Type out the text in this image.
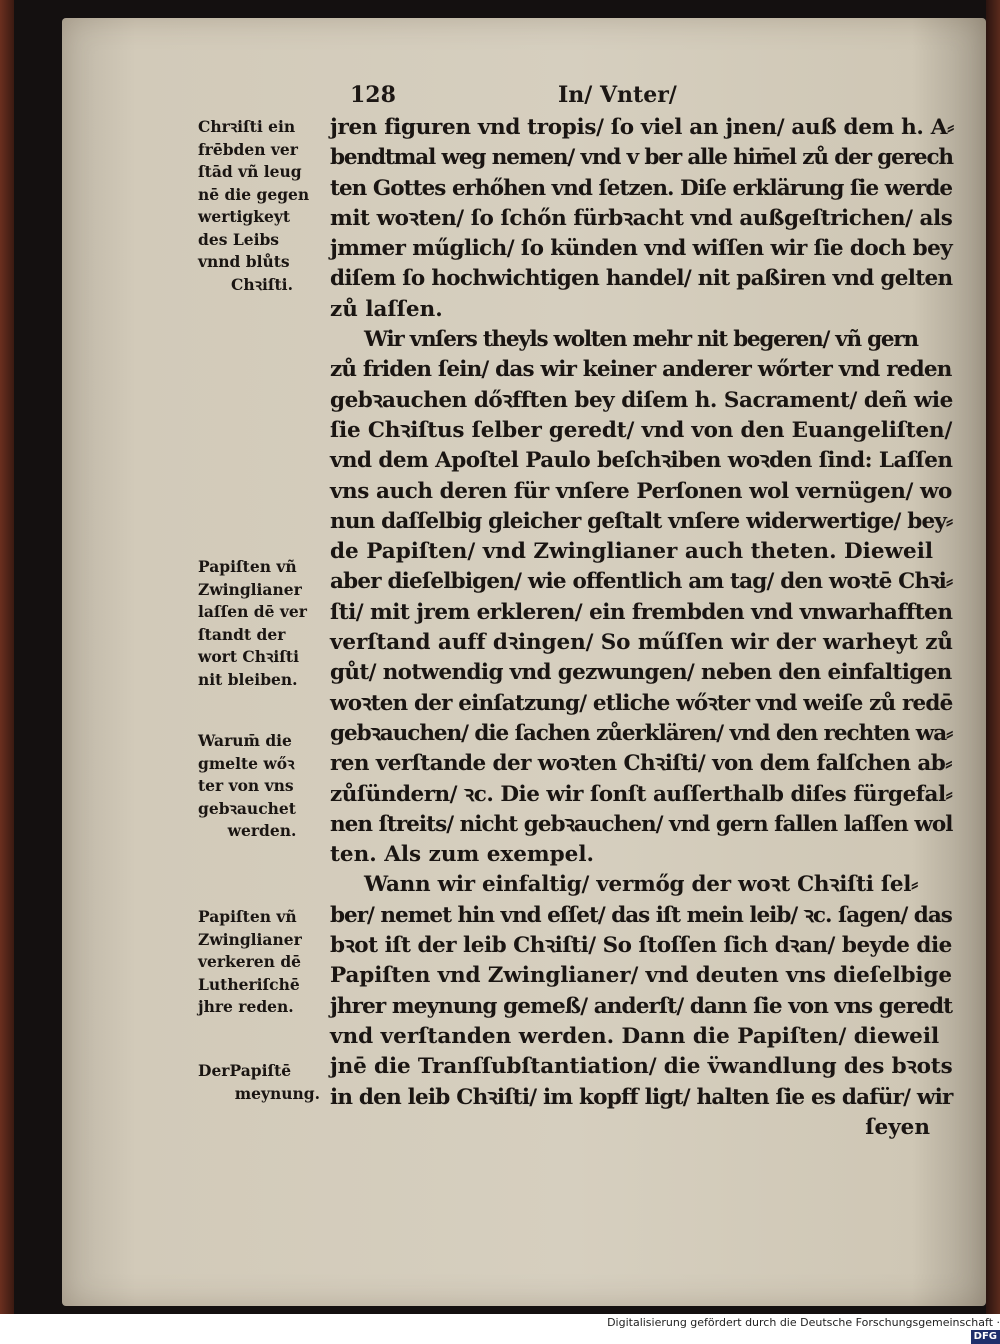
128	In/ Vnter/
Chrꝛiſti ein
frēbden ver
ſtād vñ leug
nē die gegen
wertigkeyt
des Leibs
vnnd blůts
Chꝛiſti.
Papiſten vñ
Zwinglianer
laſſen dē ver
ſtandt der
wort Chꝛiſti
nit bleiben.
Warum̄ die
gmelte wőꝛ
ter von vns
gebꝛauchet
werden.
Papiſten vñ
Zwinglianer
verkeren dē
Lutheriſchē
jhre reden.
DerPapiſtē
meynung.
jren figuren vnd tropis/ ſo viel an jnen/ auß dem h. A⸗
bendtmal weg nemen/ vnd v ber alle him̄el zů der gerech
ten Gottes erhőhen vnd ſetzen. Diſe erklärung ſie werde
mit woꝛten/ ſo ſchőn fürbꝛacht vnd außgeſtrichen/ als
jmmer műglich/ ſo künden vnd wiſſen wir ſie doch bey
diſem ſo hochwichtigen handel/ nit paßiren vnd gelten
zů laſſen.
Wir vnſers theyls wolten mehr nit begeren/ vñ gern
zů friden ſein/ das wir keiner anderer wőrter vnd reden
gebꝛauchen dőꝛfften bey diſem h. Sacrament/ deñ wie
ſie Chꝛiſtus ſelber geredt/ vnd von den Euangeliſten/
vnd dem Apoſtel Paulo beſchꝛiben woꝛden ſind: Laſſen
vns auch deren für vnſere Perſonen wol vernügen/ wo
nun daſſelbig gleicher geſtalt vnſere widerwertige/ bey⸗
de Papiſten/ vnd Zwinglianer auch theten. Dieweil
aber dieſelbigen/ wie offentlich am tag/ den woꝛtē Chꝛi⸗
ſti/ mit jrem erkleren/ ein frembden vnd vnwarhafften
verſtand auff dꝛingen/ So műſſen wir der warheyt zů
gůt/ notwendig vnd gezwungen/ neben den einfaltigen
woꝛten der einſatzung/ etliche wőꝛter vnd weiſe zů redē
gebꝛauchen/ die ſachen zůerklären/ vnd den rechten wa⸗
ren verſtande der woꝛten Chꝛiſti/ von dem falſchen ab⸗
zůſündern/ ꝛc. Die wir ſonſt auſſerthalb diſes fürgefal⸗
nen ſtreits/ nicht gebꝛauchen/ vnd gern fallen laſſen wol
ten. Als zum exempel.
Wann wir einfaltig/ vermőg der woꝛt Chꝛiſti ſel⸗
ber/ nemet hin vnd eſſet/ das iſt mein leib/ ꝛc. ſagen/ das
bꝛot iſt der leib Chꝛiſti/ So ſtoſſen ſich dꝛan/ beyde die
Papiſten vnd Zwinglianer/ vnd deuten vns dieſelbige
jhrer meynung gemeß/ anderſt/ dann ſie von vns geredt
vnd verſtanden werden. Dann die Papiſten/ dieweil
jnē die Tranſſubſtantiation/ die v̈wandlung des bꝛots
in den leib Chꝛiſti/ im kopff ligt/ halten ſie es dafür/ wir
ſeyen
Digitalisierung gefördert durch die Deutsche Forschungsgemeinschaft ·DFG
